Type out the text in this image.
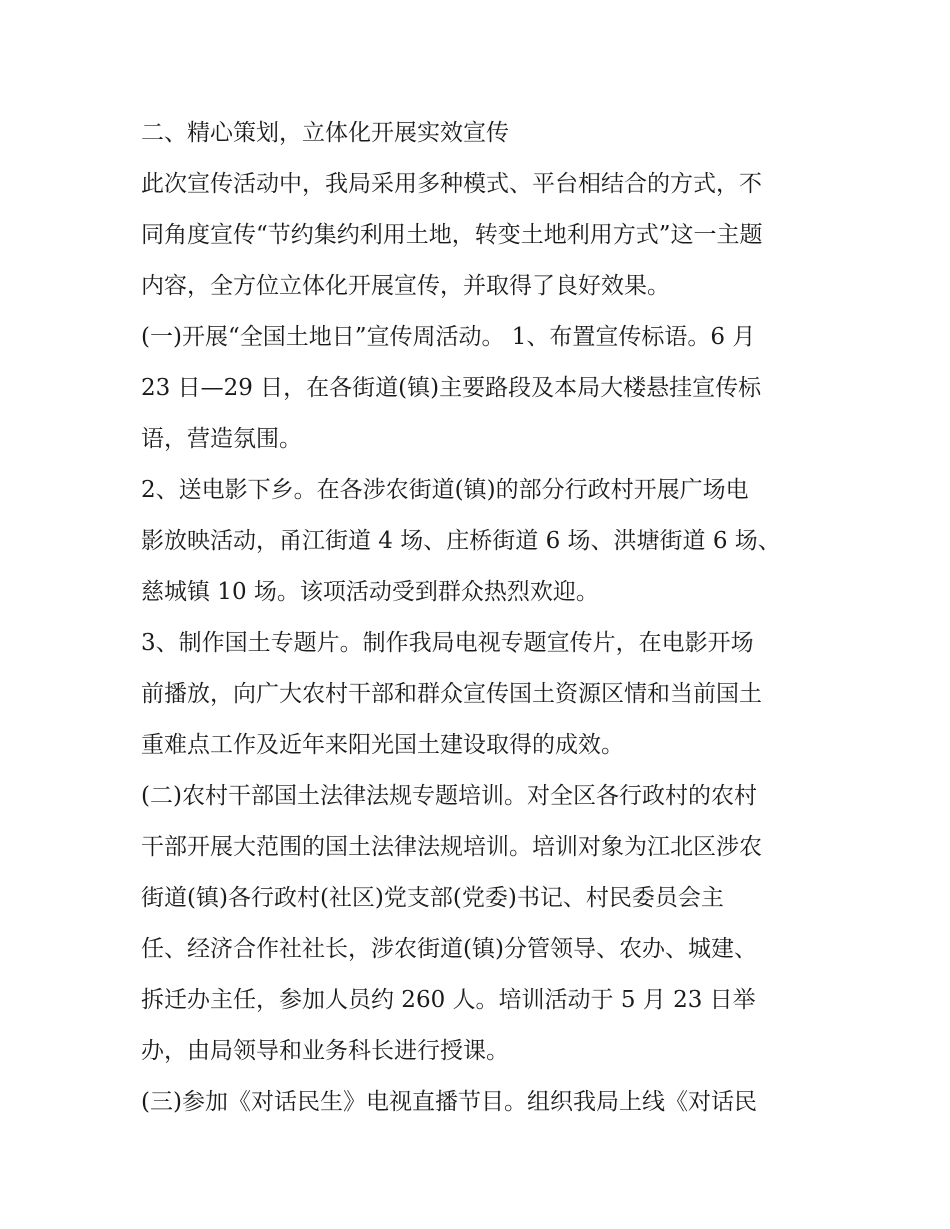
二、精心策划，立体化开展实效宣传
此次宣传活动中，我局采用多种模式、平台相结合的方式，不
同角度宣传“节约集约利用土地，转变土地利用方式”这一主题
内容，全方位立体化开展宣传，并取得了良好效果。
(一)开展“全国土地日”宣传周活动。 1、布置宣传标语。6 月
23 日—29 日，在各街道(镇)主要路段及本局大楼悬挂宣传标
语，营造氛围。
2、送电影下乡。在各涉农街道(镇)的部分行政村开展广场电
影放映活动，甬江街道 4 场、庄桥街道 6 场、洪塘街道 6 场、
慈城镇 10 场。该项活动受到群众热烈欢迎。
3、制作国土专题片。制作我局电视专题宣传片，在电影开场
前播放，向广大农村干部和群众宣传国土资源区情和当前国土
重难点工作及近年来阳光国土建设取得的成效。
(二)农村干部国土法律法规专题培训。对全区各行政村的农村
干部开展大范围的国土法律法规培训。培训对象为江北区涉农
街道(镇)各行政村(社区)党支部(党委)书记、村民委员会主
任、经济合作社社长，涉农街道(镇)分管领导、农办、城建、
拆迁办主任，参加人员约 260 人。培训活动于 5 月 23 日举
办，由局领导和业务科长进行授课。
(三)参加《对话民生》电视直播节目。组织我局上线《对话民
